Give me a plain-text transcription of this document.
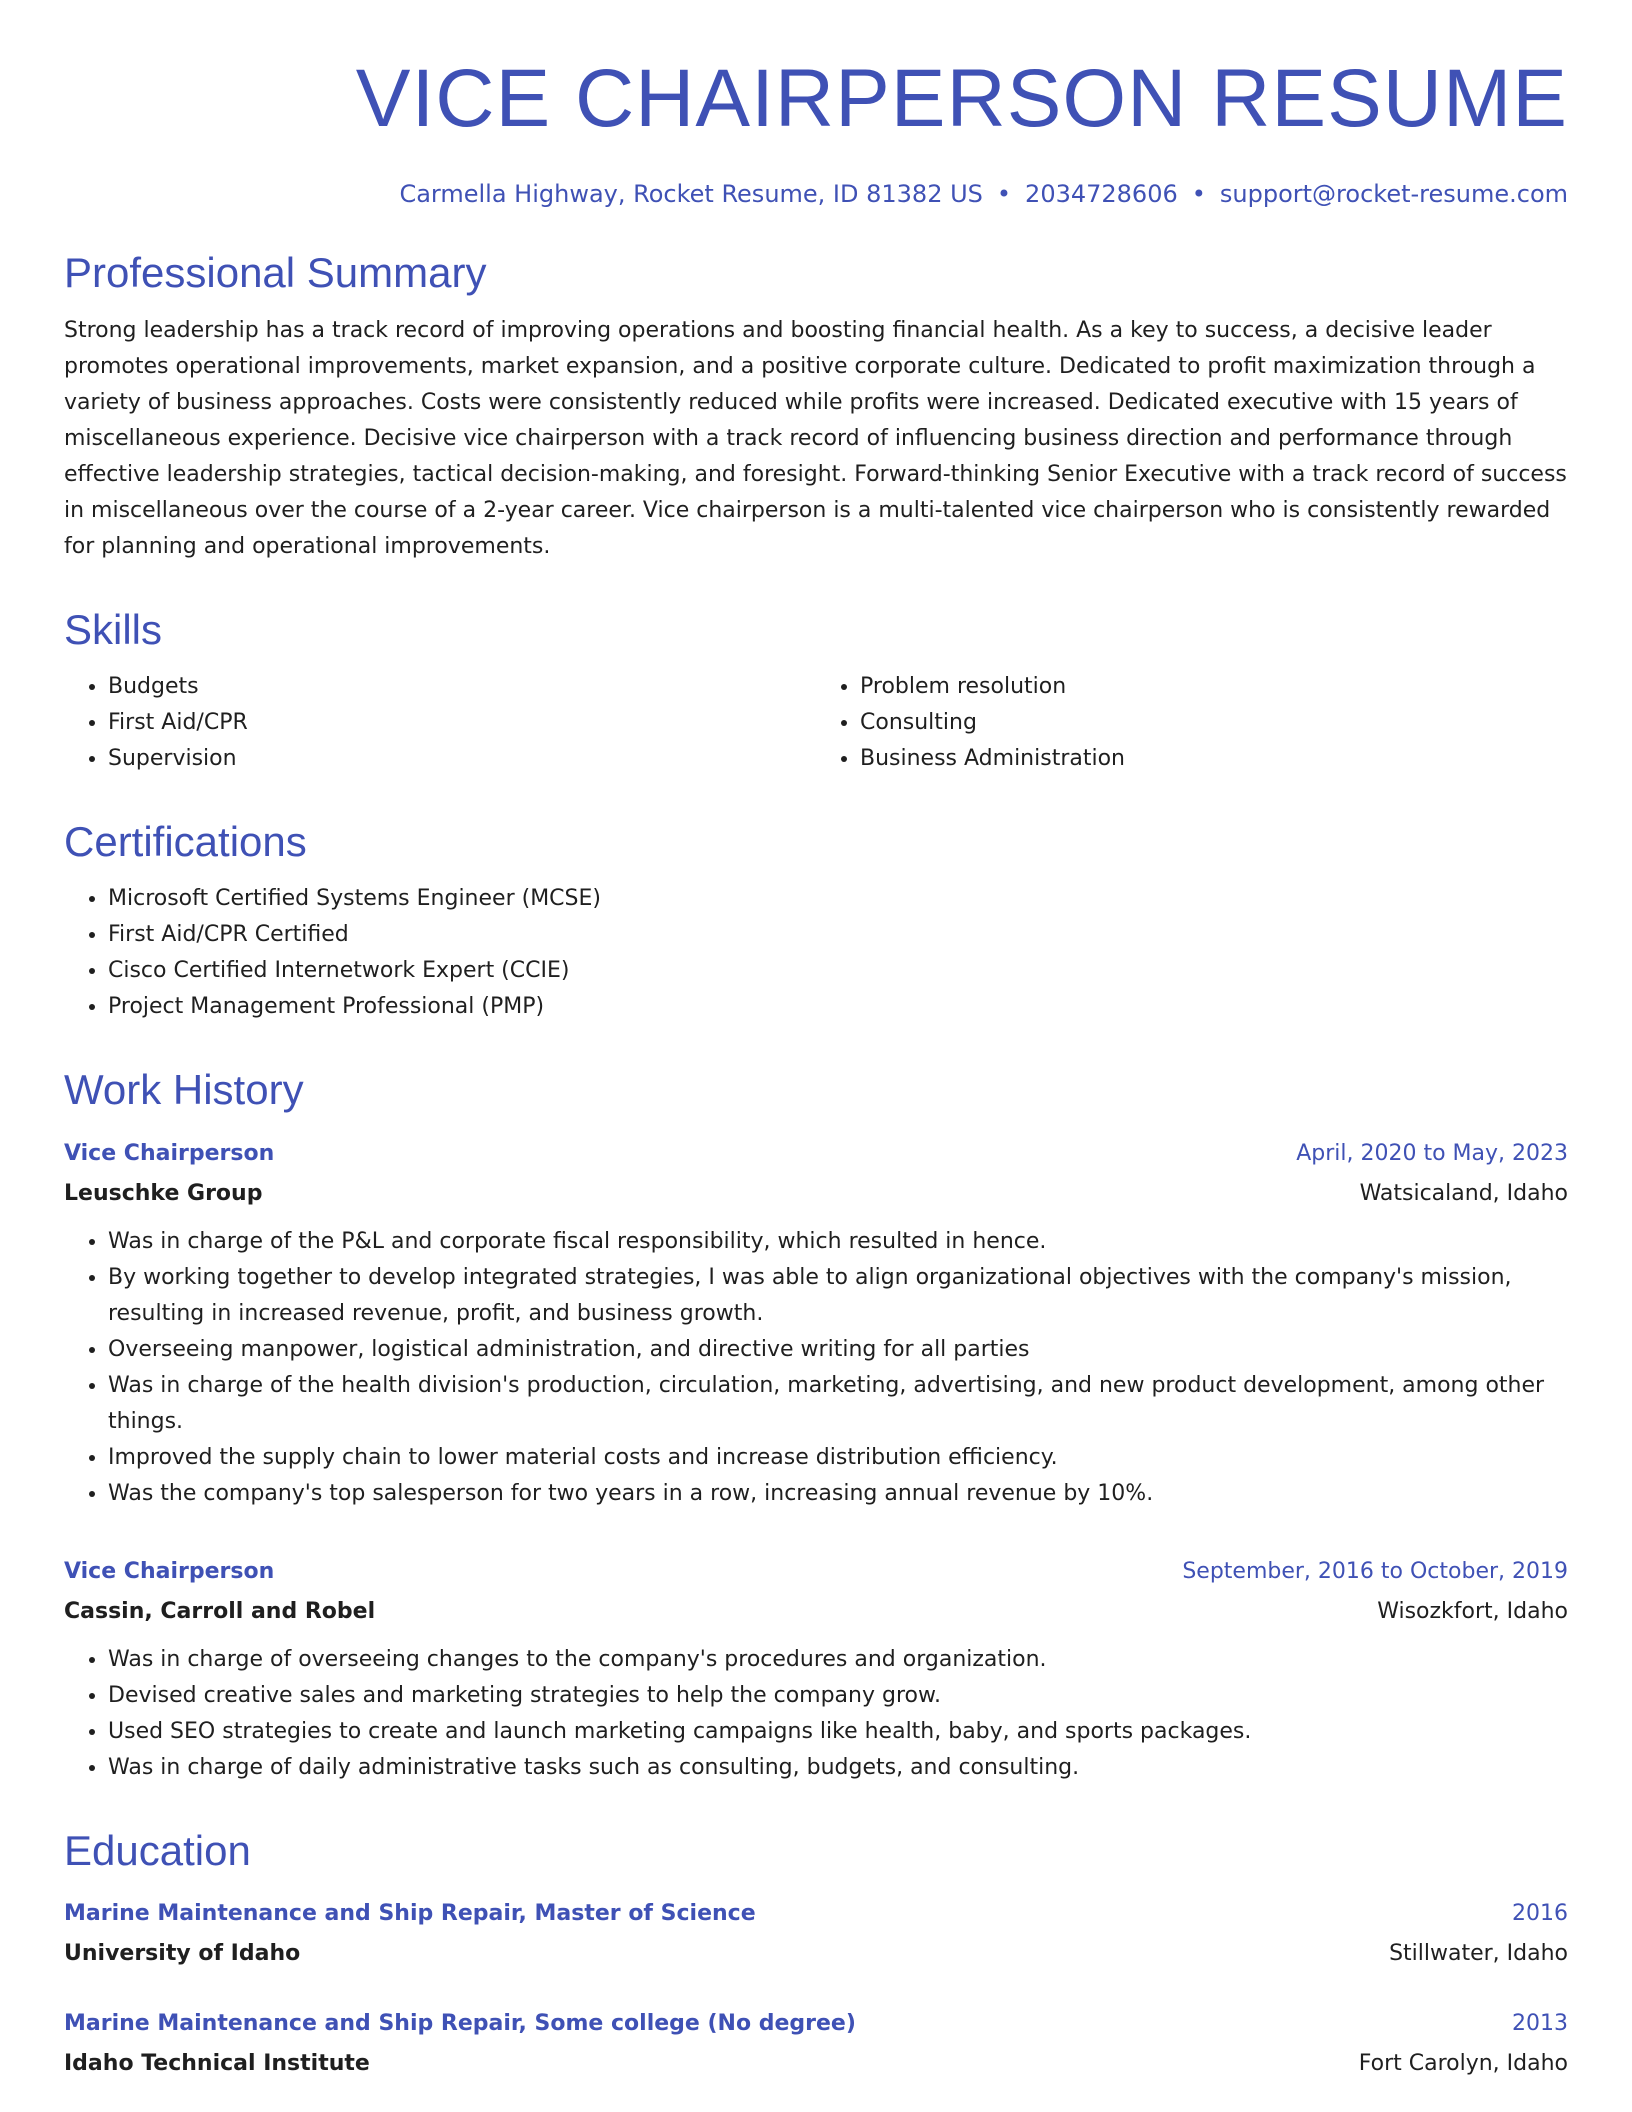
VICE CHAIRPERSON RESUME
Carmella Highway, Rocket Resume, ID 81382 US • 2034728606 • support@rocket-resume.com
Professional Summary
Strong leadership has a track record of improving operations and boosting financial health. As a key to success, a decisive leader promotes operational improvements, market expansion, and a positive corporate culture. Dedicated to profit maximization through a variety of business approaches. Costs were consistently reduced while profits were increased. Dedicated executive with 15 years of miscellaneous experience. Decisive vice chairperson with a track record of influencing business direction and performance through effective leadership strategies, tactical decision-making, and foresight. Forward-thinking Senior Executive with a track record of success in miscellaneous over the course of a 2-year career. Vice chairperson is a multi-talented vice chairperson who is consistently rewarded for planning and operational improvements.
Skills
• Budgets
• First Aid/CPR
• Supervision
• Problem resolution
• Consulting
• Business Administration
Certifications
• Microsoft Certified Systems Engineer (MCSE)
• First Aid/CPR Certified
• Cisco Certified Internetwork Expert (CCIE)
• Project Management Professional (PMP)
Work History
Vice Chairperson	April, 2020 to May, 2023
Leuschke Group	Watsicaland, Idaho
• Was in charge of the P&L and corporate fiscal responsibility, which resulted in hence.
• By working together to develop integrated strategies, I was able to align organizational objectives with the company's mission, resulting in increased revenue, profit, and business growth.
• Overseeing manpower, logistical administration, and directive writing for all parties
• Was in charge of the health division's production, circulation, marketing, advertising, and new product development, among other things.
• Improved the supply chain to lower material costs and increase distribution efficiency.
• Was the company's top salesperson for two years in a row, increasing annual revenue by 10%.
Vice Chairperson	September, 2016 to October, 2019
Cassin, Carroll and Robel	Wisozkfort, Idaho
• Was in charge of overseeing changes to the company's procedures and organization.
• Devised creative sales and marketing strategies to help the company grow.
• Used SEO strategies to create and launch marketing campaigns like health, baby, and sports packages.
• Was in charge of daily administrative tasks such as consulting, budgets, and consulting.
Education
Marine Maintenance and Ship Repair, Master of Science	2016
University of Idaho	Stillwater, Idaho
Marine Maintenance and Ship Repair, Some college (No degree)	2013
Idaho Technical Institute	Fort Carolyn, Idaho
